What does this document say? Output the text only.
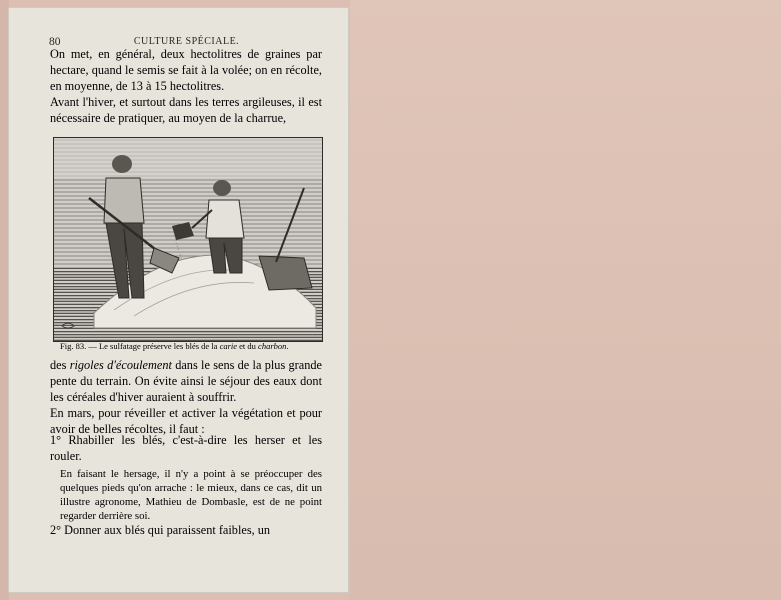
80	CULTURE SPÉCIALE.

On met, en général, deux hectolitres de graines par hectare, quand le semis se fait à la volée; on en récolte, en moyenne, de 13 à 15 hectolitres.

Avant l'hiver, et surtout dans les terres argileuses, il est nécessaire de pratiquer, au moyen de la charrue,

Fig. 83. — Le sulfatage préserve les blés de la carie et du charbon.

des rigoles d'écoulement dans le sens de la plus grande pente du terrain. On évite ainsi le séjour des eaux dont les céréales d'hiver auraient à souffrir.

En mars, pour réveiller et activer la végétation et pour avoir de belles récoltes, il faut :

1° Rhabiller les blés, c'est-à-dire les herser et les rouler.

En faisant le hersage, il n'y a point à se préoccuper des quelques pieds qu'on arrache : le mieux, dans ce cas, dit un illustre agronome, Mathieu de Dombasle, est de ne point regarder derrière soi.

2° Donner aux blés qui paraissent faibles, un
